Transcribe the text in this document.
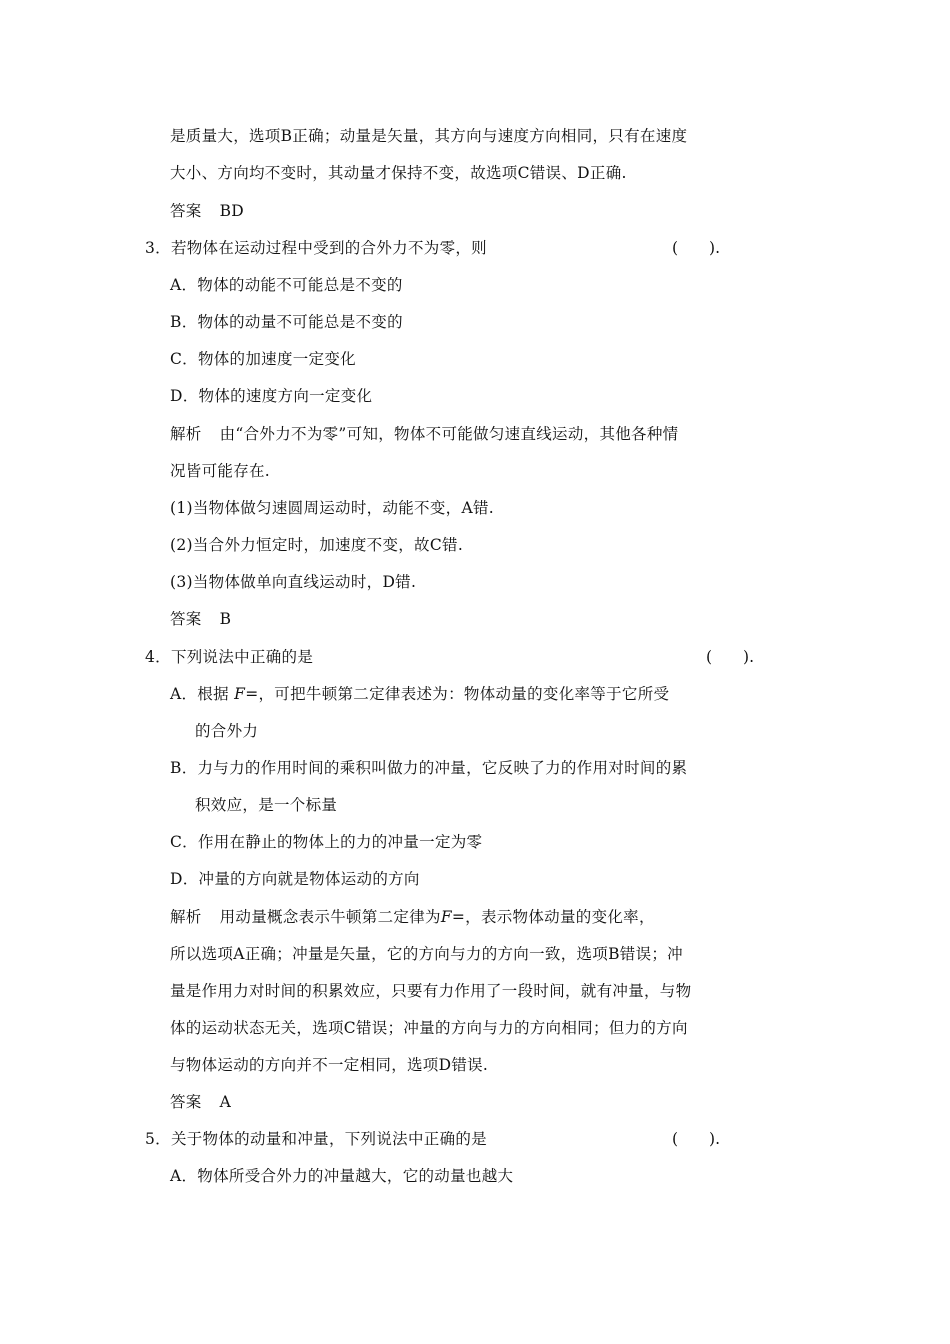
是质量大，选项B正确；动量是矢量，其方向与速度方向相同，只有在速度
大小、方向均不变时，其动量才保持不变，故选项C错误、D正确.
答案 BD
3．若物体在运动过程中受到的合外力不为零，则	(　　).
A．物体的动能不可能总是不变的
B．物体的动量不可能总是不变的
C．物体的加速度一定变化
D．物体的速度方向一定变化
解析 由“合外力不为零”可知，物体不可能做匀速直线运动，其他各种情
况皆可能存在.
(1)当物体做匀速圆周运动时，动能不变，A错.
(2)当合外力恒定时，加速度不变，故C错.
(3)当物体做单向直线运动时，D错.
答案 B
4．下列说法中正确的是	(　　).
A．根据 F=，可把牛顿第二定律表述为：物体动量的变化率等于它所受
的合外力
B．力与力的作用时间的乘积叫做力的冲量，它反映了力的作用对时间的累
积效应，是一个标量
C．作用在静止的物体上的力的冲量一定为零
D．冲量的方向就是物体运动的方向
解析 用动量概念表示牛顿第二定律为F=，表示物体动量的变化率，
所以选项A正确；冲量是矢量，它的方向与力的方向一致，选项B错误；冲
量是作用力对时间的积累效应，只要有力作用了一段时间，就有冲量，与物
体的运动状态无关，选项C错误；冲量的方向与力的方向相同；但力的方向
与物体运动的方向并不一定相同，选项D错误.
答案 A
5．关于物体的动量和冲量，下列说法中正确的是	(　　).
A．物体所受合外力的冲量越大，它的动量也越大
